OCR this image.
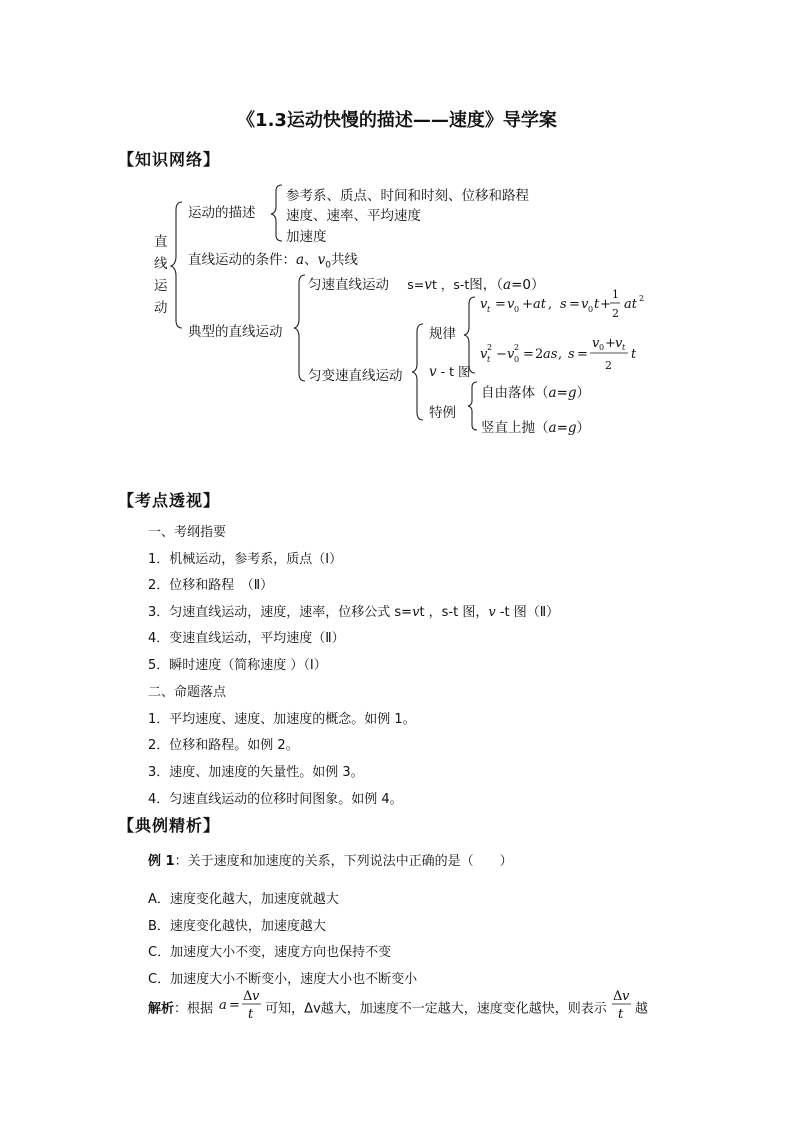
《1.3运动快慢的描述——速度》导学案
【知识网络】
直
线
运
动
运动的描述
参考系、质点、时间和时刻、位移和路程
速度、速率、平均速度
加速度
直线运动的条件：a、$v_0$共线
典型的直线运动
匀速直线运动 s=vt ，s-t图，（a=0）
匀变速直线运动
规律
v t = v 0 + at , s = v 0 t +
1
2
at 2
v 2
t − v 2
0 = 2 as , s =
v 0 + v t
2
t
v - t 图
特例
自由落体（a=g）
竖直上抛（a=g）
【考点透视】
一、考纲指要
1．机械运动，参考系，质点（Ⅰ）
2．位移和路程　（Ⅱ）
3．匀速直线运动，速度，速率，位移公式 s=vt ，s-t 图，v -t 图（Ⅱ）
4．变速直线运动，平均速度（Ⅱ）
5．瞬时速度（简称速度 ）（Ⅰ）
二、命题落点
1．平均速度、速度、加速度的概念。如例 1。
2．位移和路程。如例 2。
3．速度、加速度的矢量性。如例 3。
4．匀速直线运动的位移时间图象。如例 4。
【典例精析】
例 1：关于速度和加速度的关系，下列说法中正确的是（　　）
A．速度变化越大，加速度就越大
B．速度变化越快，加速度越大
C．加速度大小不变，速度方向也保持不变
C．加速度大小不断变小，速度大小也不断变小
解析：根据 a =
Δ v
t 可知，Δv越大，加速度不一定越大，速度变化越快，则表示
Δ v
t 越
